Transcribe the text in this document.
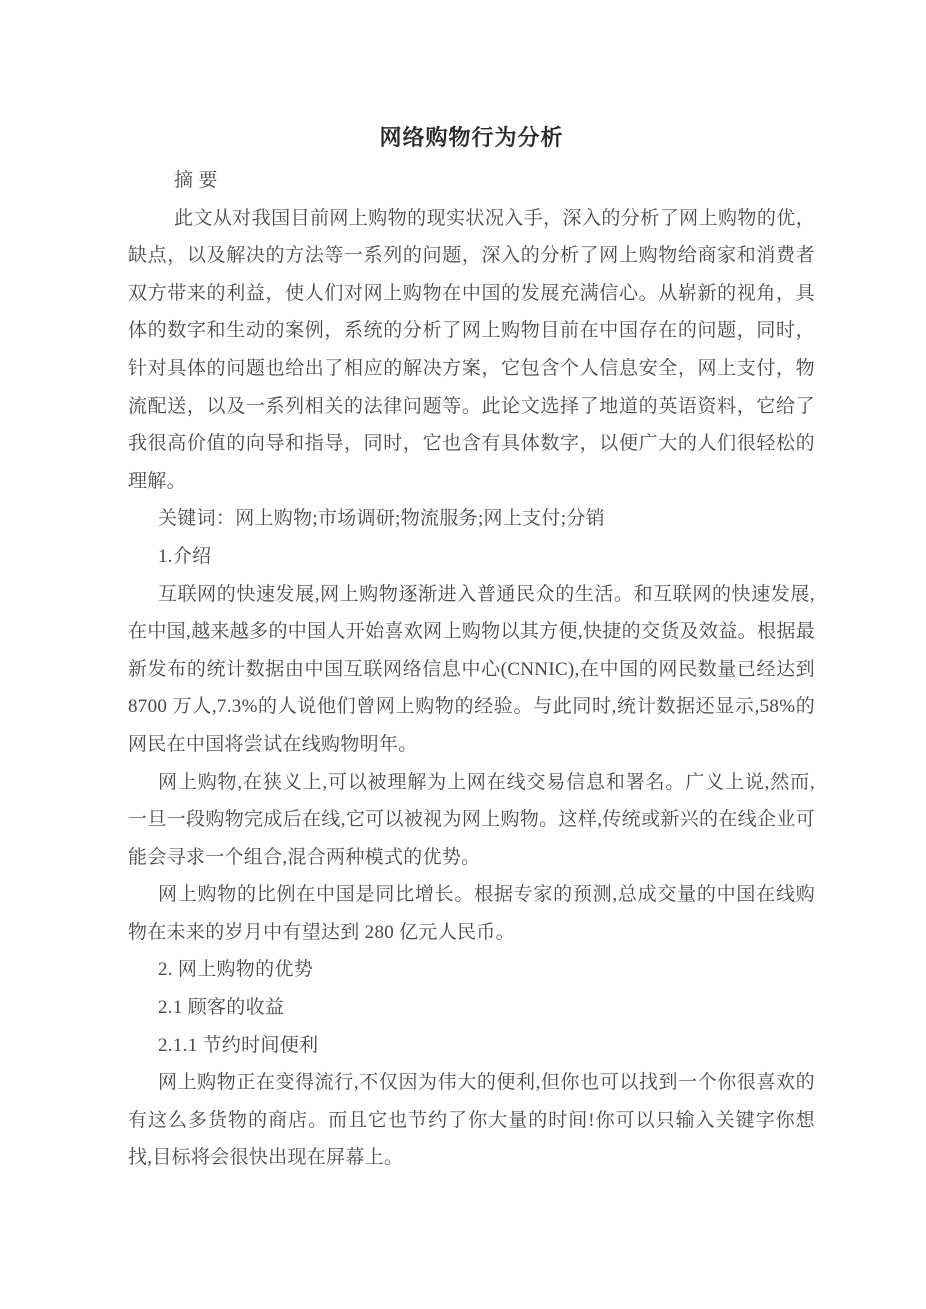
网络购物行为分析

摘 要

此文从对我国目前网上购物的现实状况入手，深入的分析了网上购物的优，缺点，以及解决的方法等一系列的问题，深入的分析了网上购物给商家和消费者双方带来的利益，使人们对网上购物在中国的发展充满信心。从崭新的视角，具体的数字和生动的案例，系统的分析了网上购物目前在中国存在的问题，同时，针对具体的问题也给出了相应的解决方案，它包含个人信息安全，网上支付，物流配送，以及一系列相关的法律问题等。此论文选择了地道的英语资料，它给了我很高价值的向导和指导，同时，它也含有具体数字，以便广大的人们很轻松的理解。

关键词：网上购物;市场调研;物流服务;网上支付;分销

1.介绍

互联网的快速发展,网上购物逐渐进入普通民众的生活。和互联网的快速发展,在中国,越来越多的中国人开始喜欢网上购物以其方便,快捷的交货及效益。根据最新发布的统计数据由中国互联网络信息中心(CNNIC),在中国的网民数量已经达到 8700 万人,7.3%的人说他们曾网上购物的经验。与此同时,统计数据还显示,58%的网民在中国将尝试在线购物明年。

网上购物,在狭义上,可以被理解为上网在线交易信息和署名。广义上说,然而,一旦一段购物完成后在线,它可以被视为网上购物。这样,传统或新兴的在线企业可能会寻求一个组合,混合两种模式的优势。

网上购物的比例在中国是同比增长。根据专家的预测,总成交量的中国在线购物在未来的岁月中有望达到 280 亿元人民币。

2. 网上购物的优势

2.1 顾客的收益

2.1.1 节约时间便利

网上购物正在变得流行,不仅因为伟大的便利,但你也可以找到一个你很喜欢的有这么多货物的商店。而且它也节约了你大量的时间!你可以只输入关键字你想找,目标将会很快出现在屏幕上。
